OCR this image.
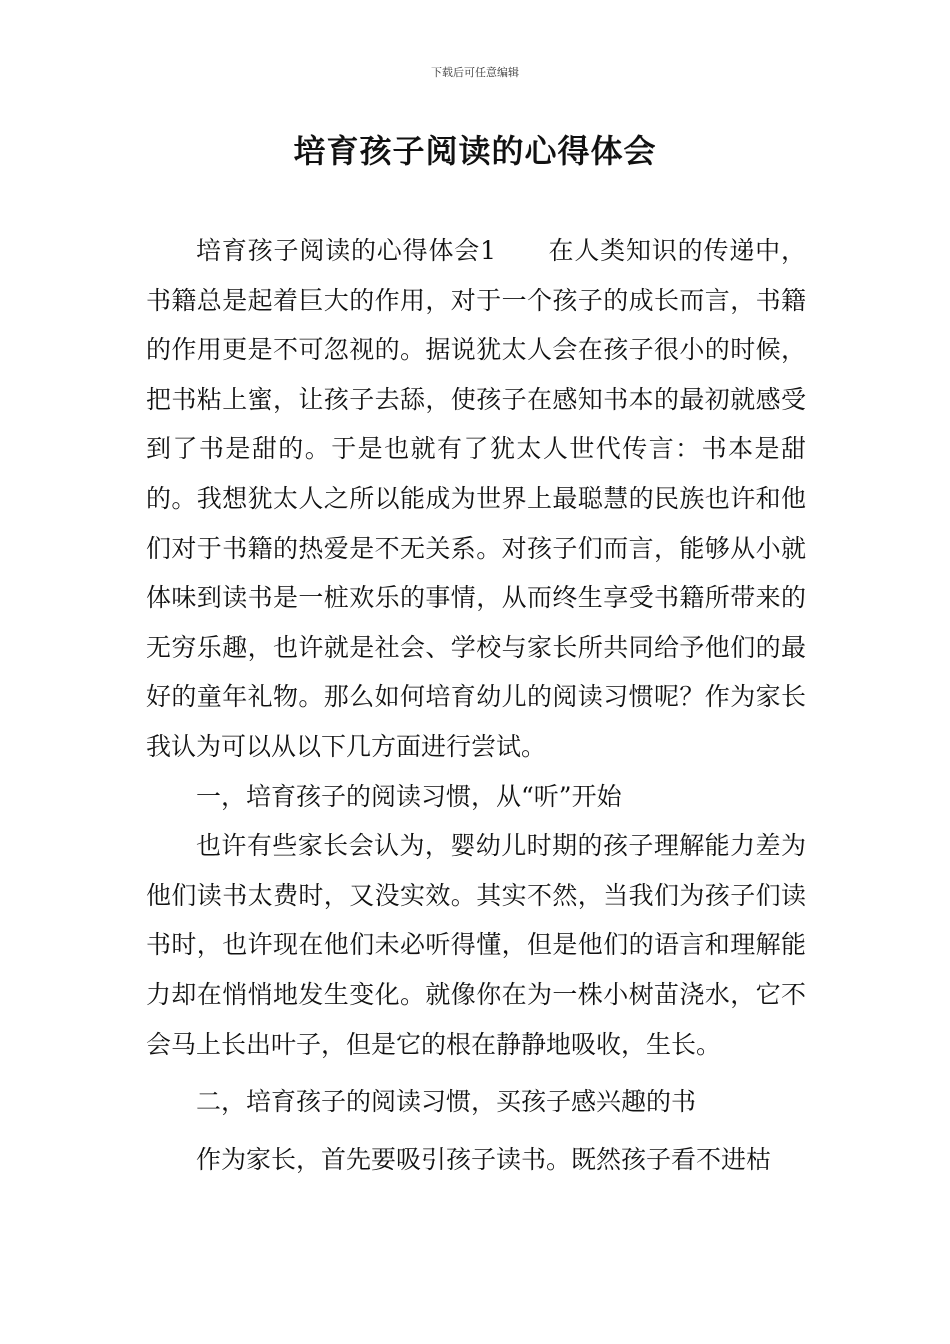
下载后可任意编辑
培育孩子阅读的心得体会

培育孩子阅读的心得体会1　　在人类知识的传递中，书籍总是起着巨大的作用，对于一个孩子的成长而言，书籍的作用更是不可忽视的。据说犹太人会在孩子很小的时候，把书粘上蜜，让孩子去舔，使孩子在感知书本的最初就感受到了书是甜的。于是也就有了犹太人世代传言：书本是甜的。我想犹太人之所以能成为世界上最聪慧的民族也许和他们对于书籍的热爱是不无关系。对孩子们而言，能够从小就体味到读书是一桩欢乐的事情，从而终生享受书籍所带来的无穷乐趣，也许就是社会、学校与家长所共同给予他们的最好的童年礼物。那么如何培育幼儿的阅读习惯呢？作为家长我认为可以从以下几方面进行尝试。

一，培育孩子的阅读习惯，从“听”开始

也许有些家长会认为，婴幼儿时期的孩子理解能力差为他们读书太费时，又没实效。其实不然，当我们为孩子们读书时，也许现在他们未必听得懂，但是他们的语言和理解能力却在悄悄地发生变化。就像你在为一株小树苗浇水，它不会马上长出叶子，但是它的根在静静地吸收，生长。

二，培育孩子的阅读习惯，买孩子感兴趣的书

作为家长，首先要吸引孩子读书。既然孩子看不进枯
